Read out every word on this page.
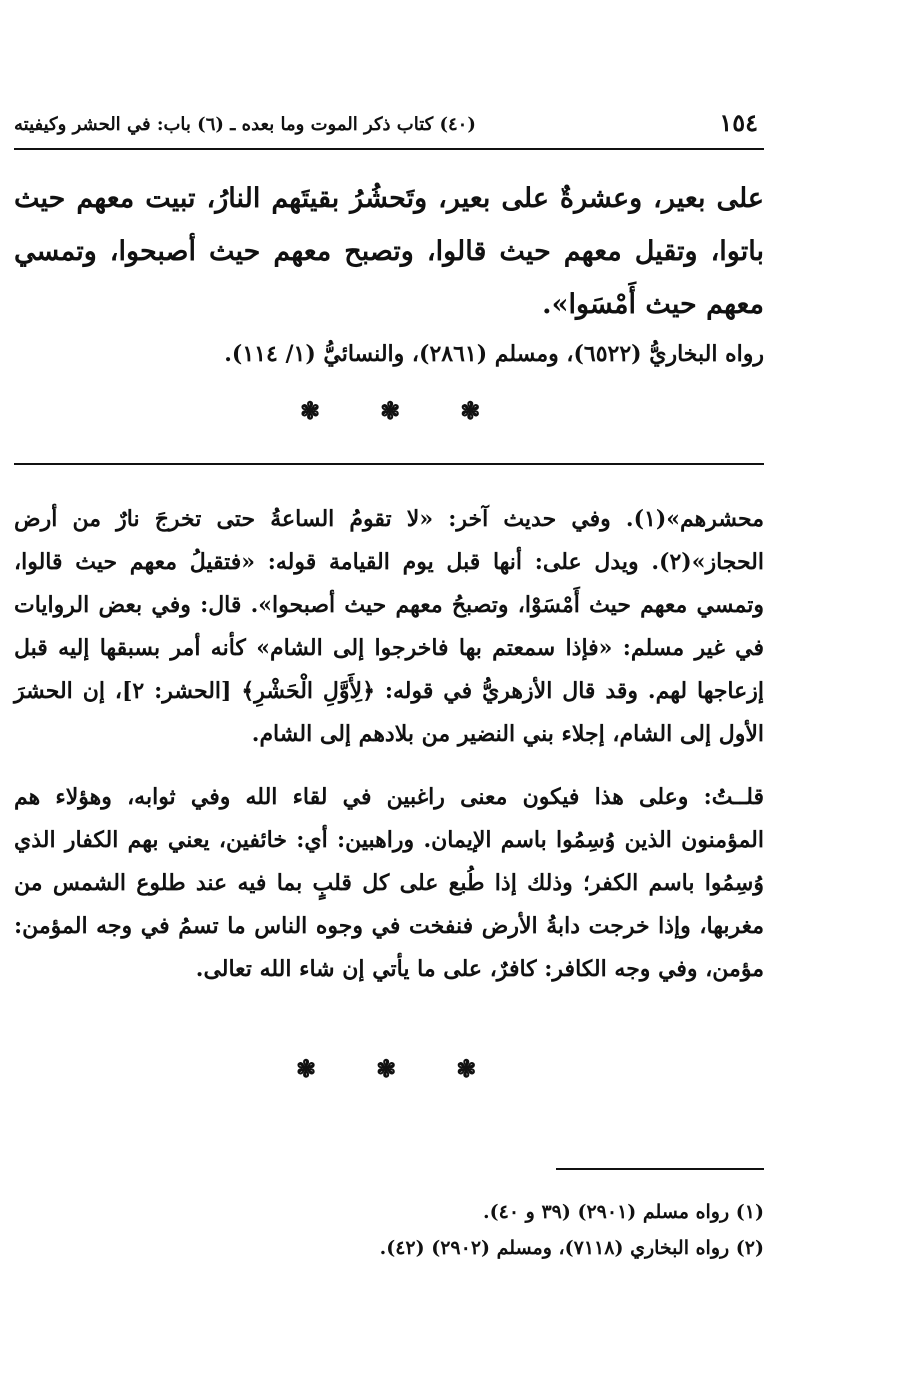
١٥٤
(٤٠) كتاب ذكر الموت وما بعده ـ (٦) باب: في الحشر وكيفيته
على بعير، وعشرةٌ على بعير، وتَحشُرُ بقيتَهم النارُ، تبيت معهم حيث باتوا، وتقيل معهم حيث قالوا، وتصبح معهم حيث أصبحوا، وتمسي معهم حيث أَمْسَوا».
رواه البخاريُّ (٦٥٢٢)، ومسلم (٢٨٦١)، والنسائيُّ (١/ ١١٤).
❃	❃	❃
محشرهم»(١). وفي حديث آخر: «لا تقومُ الساعةُ حتى تخرجَ نارٌ من أرض الحجاز»(٢). ويدل على: أنها قبل يوم القيامة قوله: «فتقيلُ معهم حيث قالوا، وتمسي معهم حيث أَمْسَوْا، وتصبحُ معهم حيث أصبحوا». قال: وفي بعض الروايات في غير مسلم: «فإذا سمعتم بها فاخرجوا إلى الشام» كأنه أمر بسبقها إليه قبل إزعاجها لهم. وقد قال الأزهريُّ في قوله: ﴿لِأَوَّلِ الْحَشْرِ﴾ [الحشر: ٢]، إن الحشرَ الأول إلى الشام، إجلاء بني النضير من بلادهم إلى الشام.
قلــتُ: وعلى هذا فيكون معنى راغبين في لقاء الله وفي ثوابه، وهؤلاء هم المؤمنون الذين وُسِمُوا باسم الإيمان. وراهبين: أي: خائفين، يعني بهم الكفار الذي وُسِمُوا باسم الكفر؛ وذلك إذا طُبع على كل قلبٍ بما فيه عند طلوع الشمس من مغربها، وإذا خرجت دابةُ الأرض فنفخت في وجوه الناس ما تسمُ في وجه المؤمن: مؤمن، وفي وجه الكافر: كافرٌ، على ما يأتي إن شاء الله تعالى.
❃	❃	❃
(١) رواه مسلم (٢٩٠١) (٣٩ و ٤٠).
(٢) رواه البخاري (٧١١٨)، ومسلم (٢٩٠٢) (٤٢).
